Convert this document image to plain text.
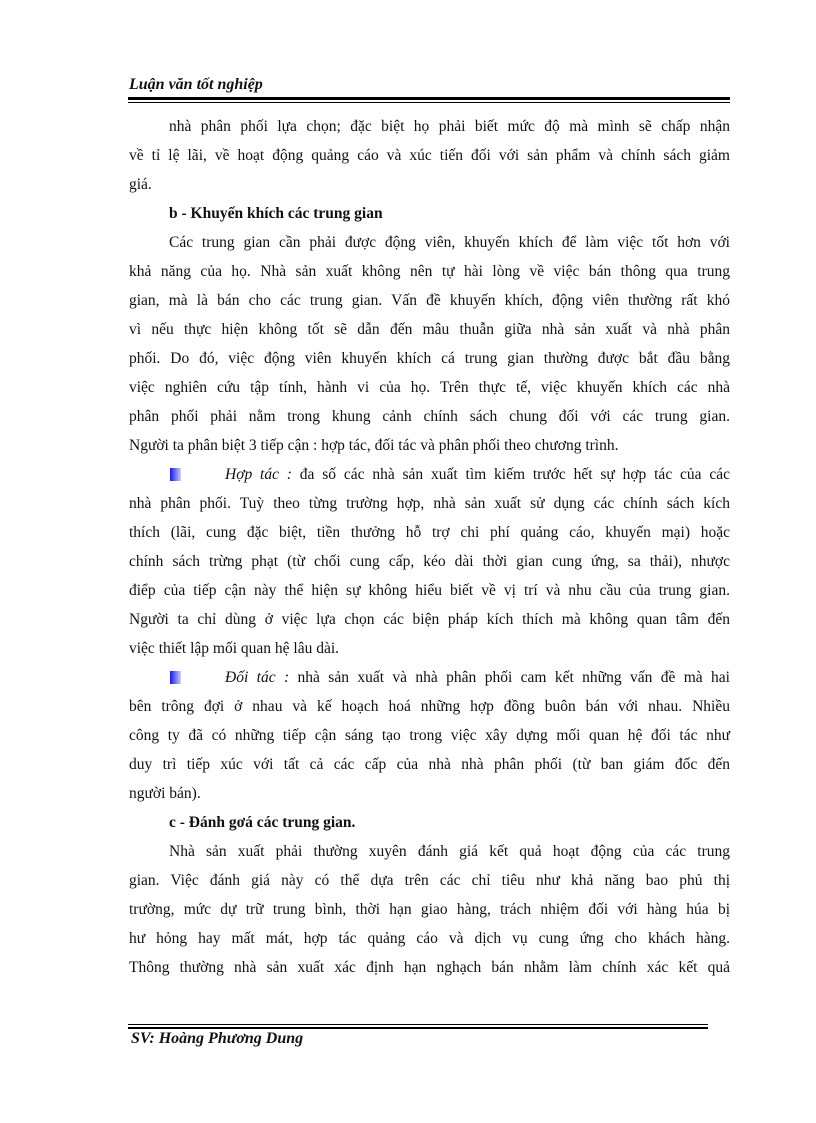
Luận văn tốt nghiệp
nhà phân phối lựa chọn; đặc biệt họ phải biết mức độ mà mình sẽ chấp nhận
về tỉ lệ lãi, về hoạt động quảng cáo và xúc tiến đối với sản phẩm và chính sách giảm
giá.
b - Khuyến khích các trung gian
Các trung gian cần phải được động viên, khuyến khích để làm việc tốt hơn với
khả năng của họ. Nhà sản xuất không nên tự hài lòng về việc bán thông qua trung
gian, mà là bán cho các trung gian. Vấn đề khuyến khích, động viên thường rất khó
vì nếu thực hiện không tốt sẽ dẫn đến mâu thuẫn giữa nhà sản xuất và nhà phân
phối. Do đó, việc động viên khuyến khích cá trung gian thường được bắt đầu bằng
việc nghiên cứu tập tính, hành vi của họ. Trên thực tế, việc khuyến khích các nhà
phân phối phải nằm trong khung cảnh chính sách chung đối với các trung gian.
Người ta phân biệt 3 tiếp cận : hợp tác, đối tác và phân phối theo chương trình.
Hợp tác : đa số các nhà sản xuất tìm kiếm trước hết sự hợp tác của các
nhà phân phối. Tuỳ theo từng trường hợp, nhà sản xuất sử dụng các chính sách kích
thích (lãi, cung đặc biệt, tiền thưởng hỗ trợ chi phí quảng cáo, khuyến mại) hoặc
chính sách trừng phạt (từ chối cung cấp, kéo dài thời gian cung ứng, sa thải), nhược
điểp của tiếp cận này thể hiện sự không hiểu biết về vị trí và nhu cầu của trung gian.
Người ta chỉ dùng ở việc lựa chọn các biện pháp kích thích mà không quan tâm đến
việc thiết lập mối quan hệ lâu dài.
Đối tác : nhà sản xuất và nhà phân phối cam kết những vấn đề mà hai
bên trông đợi ở nhau và kế hoạch hoá những hợp đồng buôn bán với nhau. Nhiều
công ty đã có những tiếp cận sáng tạo trong việc xây dựng mối quan hệ đối tác như
duy trì tiếp xúc với tất cả các cấp của nhà nhà phân phối (từ ban giám đốc đến
người bán).
c - Đánh gơá các trung gian.
Nhà sản xuất phải thường xuyên đánh giá kết quả hoạt động của các trung
gian. Việc đánh giá này có thể dựa trên các chỉ tiêu như khả năng bao phủ thị
trường, mức dự trữ trung bình, thời hạn giao hàng, trách nhiệm đối với hàng húa bị
hư hỏng hay mất mát, hợp tác quảng cáo và dịch vụ cung ứng cho khách hàng.
Thông thường nhà sản xuất xác định hạn nghạch bán nhằm làm chính xác kết quả
SV: Hoàng Phương Dung
